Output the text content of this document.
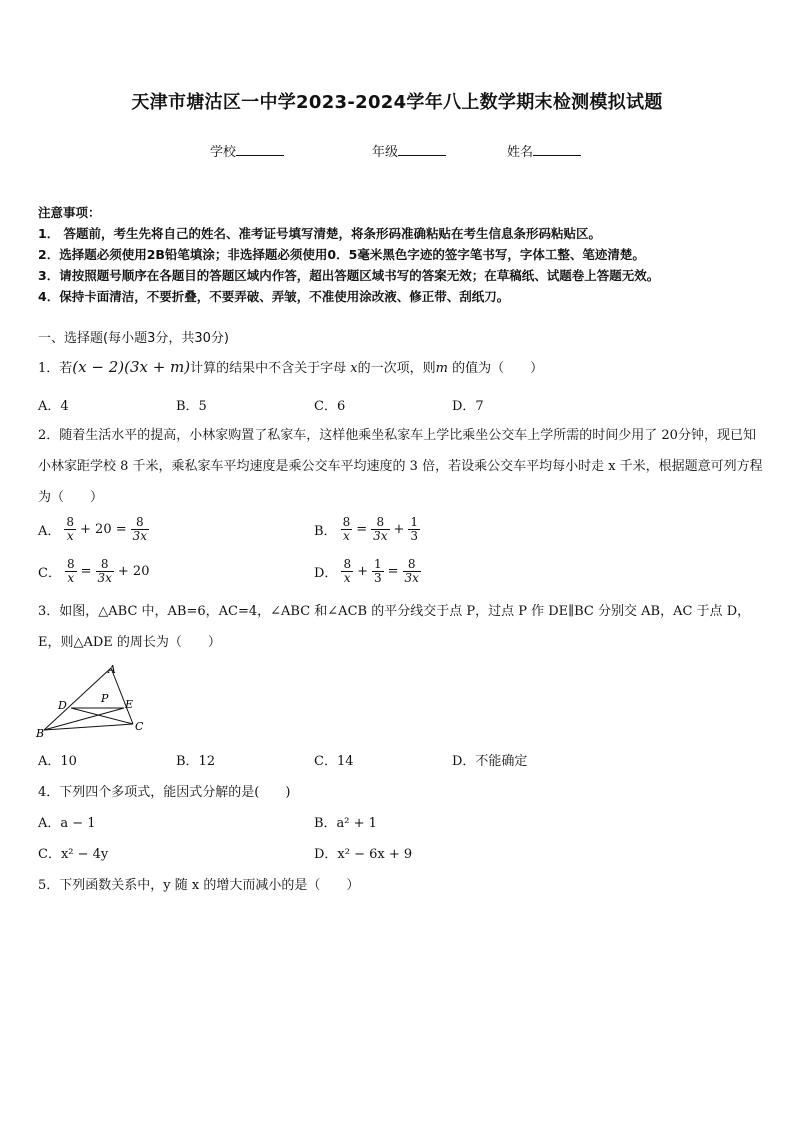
天津市塘沽区一中学2023-2024学年八上数学期末检测模拟试题
学校	年级	姓名
注意事项：
1． 答题前，考生先将自己的姓名、准考证号填写清楚，将条形码准确粘贴在考生信息条形码粘贴区。
2．选择题必须使用2B铅笔填涂；非选择题必须使用0．5毫米黑色字迹的签字笔书写，字体工整、笔迹清楚。
3．请按照题号顺序在各题目的答题区域内作答，超出答题区域书写的答案无效；在草稿纸、试题卷上答题无效。
4．保持卡面清洁，不要折叠，不要弄破、弄皱，不准使用涂改液、修正带、刮纸刀。
一、选择题(每小题3分，共30分)
1．若(x − 2)(3x + m)计算的结果中不含关于字母 x的一次项，则m 的值为（　　）
A．4	B．5	C．6	D．7
2．随着生活水平的提高，小林家购置了私家车，这样他乘坐私家车上学比乘坐公交车上学所需的时间少用了 20分钟，现已知小林家距学校 8 千米，乘私家车平均速度是乘公交车平均速度的 3 倍，若设乘公交车平均每小时走 x 千米，根据题意可列方程为（　　）
A． $\frac{8}{x} + 20 = \frac{8}{3x}$	B． $\frac{8}{x} = \frac{8}{3x} + \frac{1}{3}$
C． $\frac{8}{x} = \frac{8}{3x} + 20$	D． $\frac{8}{x} + \frac{1}{3} = \frac{8}{3x}$
3．如图，△ABC 中，AB=6，AC=4，∠ABC 和∠ACB 的平分线交于点 P，过点 P 作 DE∥BC 分别交 AB，AC 于点 D，E，则△ADE 的周长为（　　）
A
P
D	E
B
C
A．10	B．12	C．14	D．不能确定
4．下列四个多项式，能因式分解的是(　　)
A．a − 1	B．a² + 1
C．x² − 4y	D．x² − 6x + 9
5．下列函数关系中，y 随 x 的增大而减小的是（　　）
